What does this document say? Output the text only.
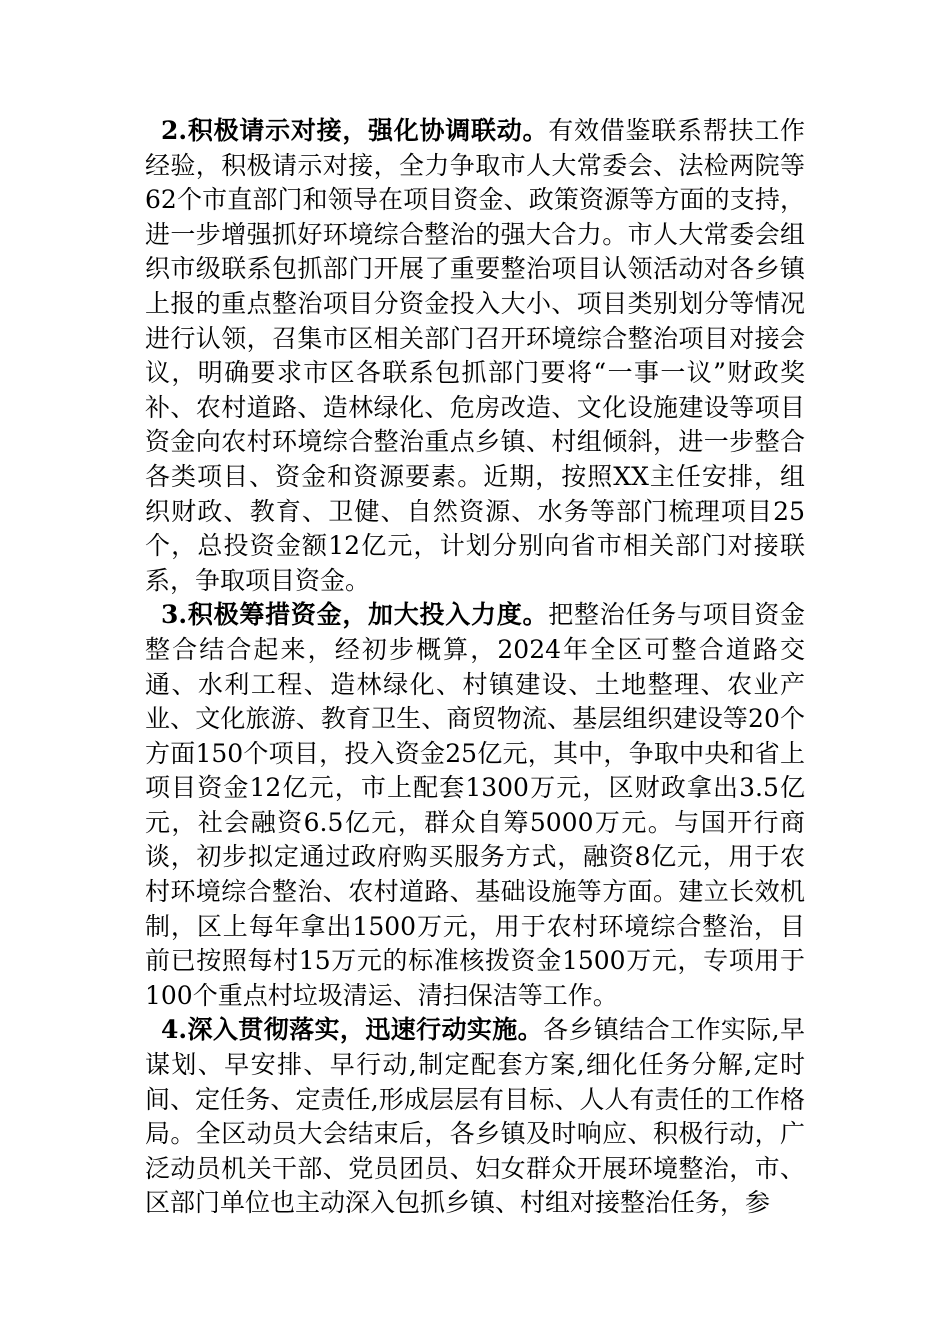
2.积极请示对接，强化协调联动。有效借鉴联系帮扶工作经验，积极请示对接，全力争取市人大常委会、法检两院等62个市直部门和领导在项目资金、政策资源等方面的支持，进一步增强抓好环境综合整治的强大合力。市人大常委会组织市级联系包抓部门开展了重要整治项目认领活动对各乡镇上报的重点整治项目分资金投入大小、项目类别划分等情况进行认领，召集市区相关部门召开环境综合整治项目对接会议，明确要求市区各联系包抓部门要将“一事一议”财政奖补、农村道路、造林绿化、危房改造、文化设施建设等项目资金向农村环境综合整治重点乡镇、村组倾斜，进一步整合各类项目、资金和资源要素。近期，按照XX主任安排，组织财政、教育、卫健、自然资源、水务等部门梳理项目25个，总投资金额12亿元，计划分别向省市相关部门对接联系，争取项目资金。

3.积极筹措资金，加大投入力度。把整治任务与项目资金整合结合起来，经初步概算，2024年全区可整合道路交通、水利工程、造林绿化、村镇建设、土地整理、农业产业、文化旅游、教育卫生、商贸物流、基层组织建设等20个方面150个项目，投入资金25亿元，其中，争取中央和省上项目资金12亿元，市上配套1300万元，区财政拿出3.5亿元，社会融资6.5亿元，群众自筹5000万元。与国开行商谈，初步拟定通过政府购买服务方式，融资8亿元，用于农村环境综合整治、农村道路、基础设施等方面。建立长效机制，区上每年拿出1500万元，用于农村环境综合整治，目前已按照每村15万元的标准核拨资金1500万元，专项用于100个重点村垃圾清运、清扫保洁等工作。

4.深入贯彻落实，迅速行动实施。各乡镇结合工作实际,早谋划、早安排、早行动,制定配套方案,细化任务分解,定时间、定任务、定责任,形成层层有目标、人人有责任的工作格局。全区动员大会结束后，各乡镇及时响应、积极行动，广泛动员机关干部、党员团员、妇女群众开展环境整治，市、区部门单位也主动深入包抓乡镇、村组对接整治任务，参
